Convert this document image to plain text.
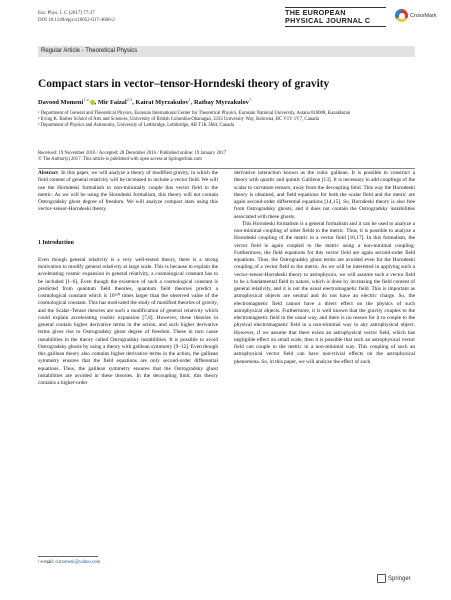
Eur. Phys. J. C (2017) 77:37
DOI 10.1140/epjc/s10052-017-4606-2
THE EUROPEAN
PHYSICAL JOURNAL C
CrossMark
Regular Article - Theoretical Physics
Compact stars in vector–tensor-Horndeski theory of gravity
Davood Momeni$^{1,a}$ , Mir Faizal$^{2,3}$, Kairat Myrzakulov$^1$, Ratbay Myrzakulov$^1$
¹ Department of General and Theoretical Physics, Eurasian International Center for Theoretical Physics, Eurasian National University, Astana 010008, Kazakhstan
² Irving K. Barber School of Arts and Sciences, University of British Columbia-Okanagan, 3333 University Way, Kelowna, BC V1V 1V7, Canada
³ Department of Physics and Astronomy, University of Lethbridge, Lethbridge, AB T1K 3M4, Canada
Received: 19 November 2016 / Accepted: 28 December 2016 / Published online: 19 January 2017
© The Author(s) 2017. This article is published with open access at Springerlink.com

Abstract In this paper, we will analyze a theory of modified gravity, in which the field content of general relativity will be increased to include a vector field. We will use the Horndeski formalism to non-minimally couple this vector field to the metric. As we will be using the Horndeski formalism, this theory will not contain Ostrogradsky ghost degree of freedom. We will analyze compact stars using this vector–tensor-Horndeski theory.

1 Introduction

Even though general relativity is a very well-tested theory, there is a strong motivation to modify general relativity at large scale. This is because to explain the accelerating cosmic expansion in general relativity, a cosmological constant has to be included [1–6]. Even though the existence of such a cosmological constant is predicted from quantum field theories, quantum field theories predict a cosmological constant which is 10¹²⁰ times larger than the observed value of the cosmological constant. This has motivated the study of modified theories of gravity, and the Scalar–Tensor theories are such a modification of general relativity which could explain accelerating cosmic expansion [7,8]. However, these theories in general contain higher derivative terms in the action, and such higher derivative terms gives rise to Ostrogradsky ghost degree of freedom. These in turn cause instabilities in the theory called Ostrogradsky instabilities. It is possible to avoid Ostrogradsky ghosts by using a theory with galilean symmetry [9–12]. Even though this galilean theory also contains higher derivative terms in the action, the galilean symmetry ensures that the field equations are only second-order differential equations. Thus, the galilean symmetry ensures that the Ostrogradsky ghost instabilities are avoided in these theories. In the decoupling limit, this theory contains a higher-order

derivative interaction known as the cubic galilean. It is possible to construct a theory with quartic and quintic Galileon [13]. It is necessary to add couplings of the scalar to curvature tensors, away from the decoupling limit. This way the Horndeski theory is obtained, and field equations for both the scalar field and the metric are again second-order differential equations [14,15]. So, Horndeski theory is also free from Ostrogradsky ghosts, and it does not contain the Ostrogradsky instabilities associated with these ghosts.

This Horndeski formalism is a general formalism and it can be used to analyze a non-minimal coupling of other fields to the metric. Thus, it is possible to analyze a Horndeski coupling of the metric to a vector field [16,17]. In this formalism, the vector field is again coupled to the metric using a non-minimal coupling. Furthermore, the field equations for this vector field are again second-order field equations. Thus, the Ostrogradsky ghost terms are avoided even for the Horndeski coupling of a vector field to the metric. As we will be interested in applying such a vector–tensor-Horndeski theory to astrophysics, we will assume such a vector field to be a fundamental field in nature, which is done by increasing the field content of general relativity, and it is not the usual electromagnetic field. This is important as astrophysical objects are neutral and do not have an electric charge. So, the electromagnetic field cannot have a direct effect on the physics of such astrophysical objects. Furthermore, it is well known that the gravity couples to the electromagnetic field in the usual way, and there is no reason for it to couple to the physical electromagnetic field in a non-minimal way in any astrophysical object. However, if we assume that there exists an astrophysical vector field, which has negligible effect on small scale, then it is possible that such an astrophysical vector field can couple to the metric in a non-minimal way. This coupling of such an astrophysical vector field can have non-trivial effects on the astrophysical phenomena. So, in this paper, we will analyze the effect of such

ᵃ e-mail: d.momeni@yahoo.com
Springer
